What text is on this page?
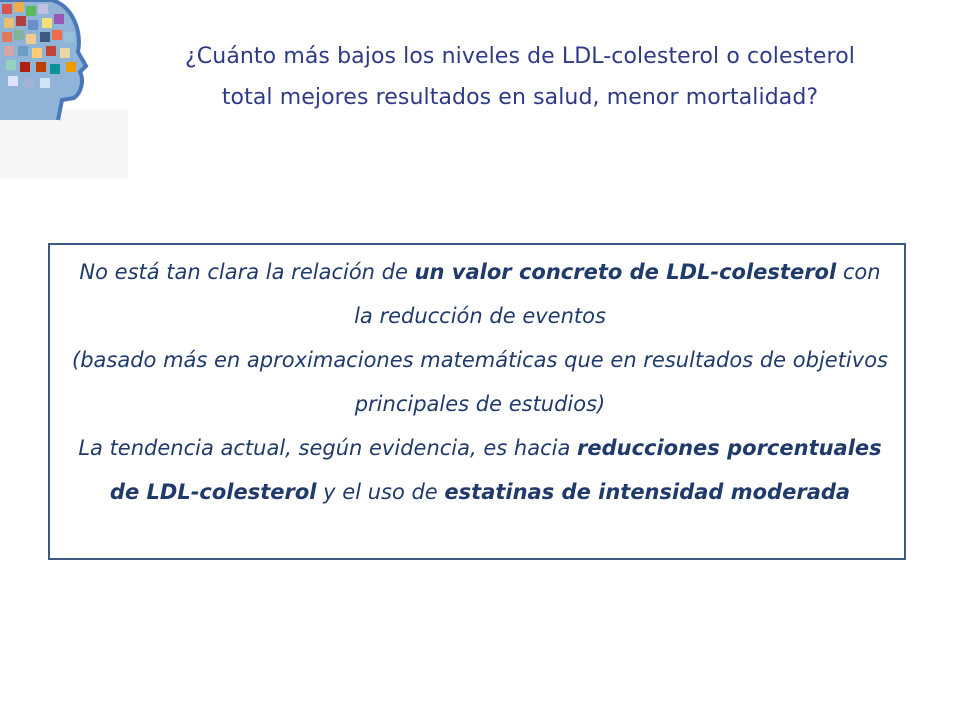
¿Cuánto más bajos los niveles de LDL-colesterol o colesterol
total mejores resultados en salud, menor mortalidad?

No está tan clara la relación de un valor concreto de LDL-colesterol con la reducción de eventos

(basado más en aproximaciones matemáticas que en resultados de objetivos principales de estudios)

La tendencia actual, según evidencia, es hacia reducciones porcentuales de LDL-colesterol y el uso de estatinas de intensidad moderada
